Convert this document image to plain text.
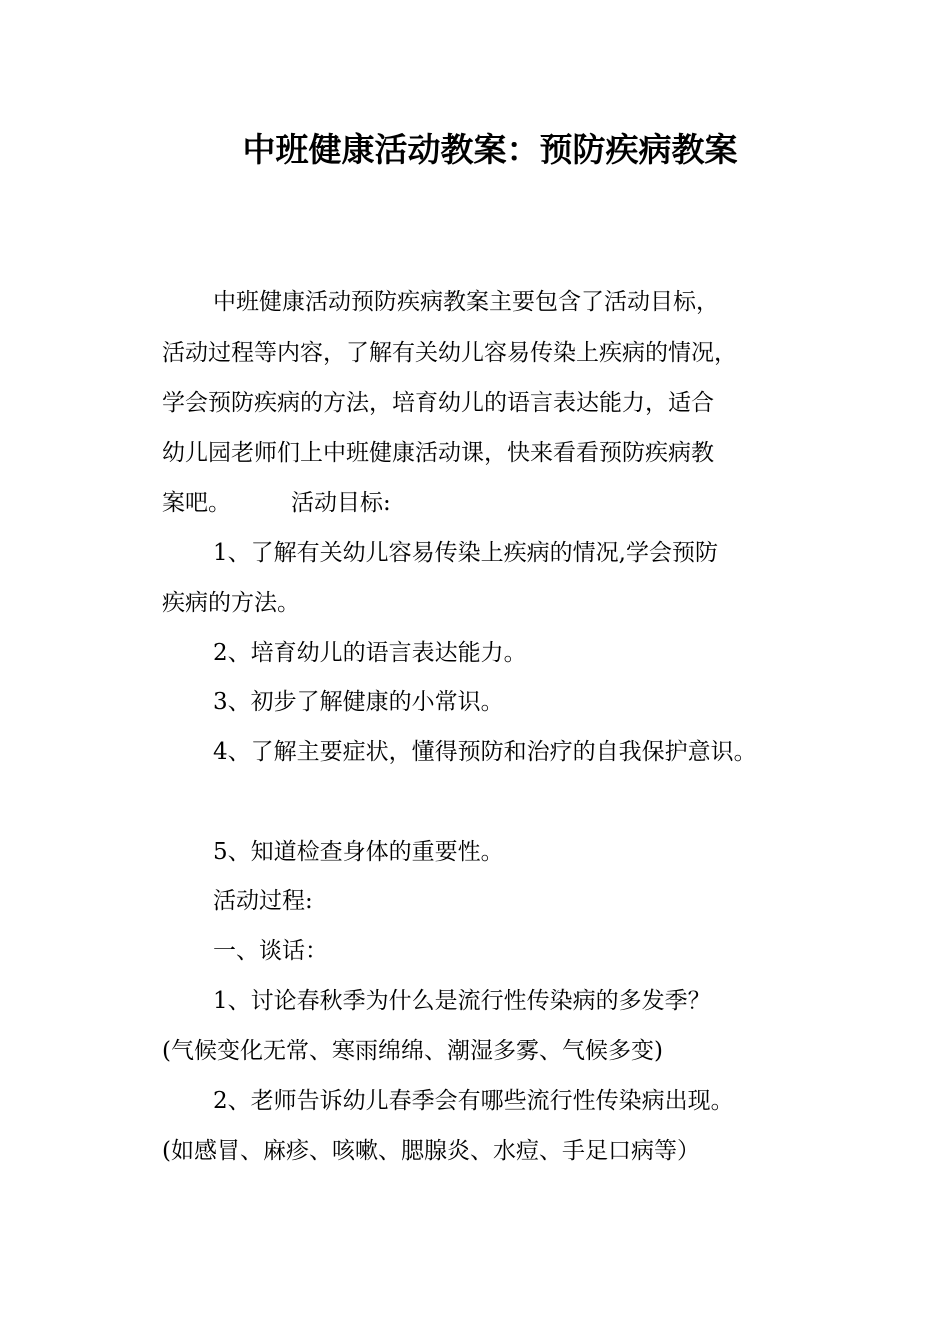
中班健康活动教案：预防疾病教案
中班健康活动预防疾病教案主要包含了活动目标，
活动过程等内容，了解有关幼儿容易传染上疾病的情况，
学会预防疾病的方法，培育幼儿的语言表达能力，适合
幼儿园老师们上中班健康活动课，快来看看预防疾病教
案吧。	活动目标:
1、了解有关幼儿容易传染上疾病的情况,学会预防
疾病的方法。
2、培育幼儿的语言表达能力。
3、初步了解健康的小常识。
4、了解主要症状，懂得预防和治疗的自我保护意识。
5、知道检查身体的重要性。
活动过程:
一、谈话：
1、讨论春秋季为什么是流行性传染病的多发季？
(气候变化无常、寒雨绵绵、潮湿多雾、气候多变)
2、老师告诉幼儿春季会有哪些流行性传染病出现。
(如感冒、麻疹、咳嗽、腮腺炎、水痘、手足口病等）
